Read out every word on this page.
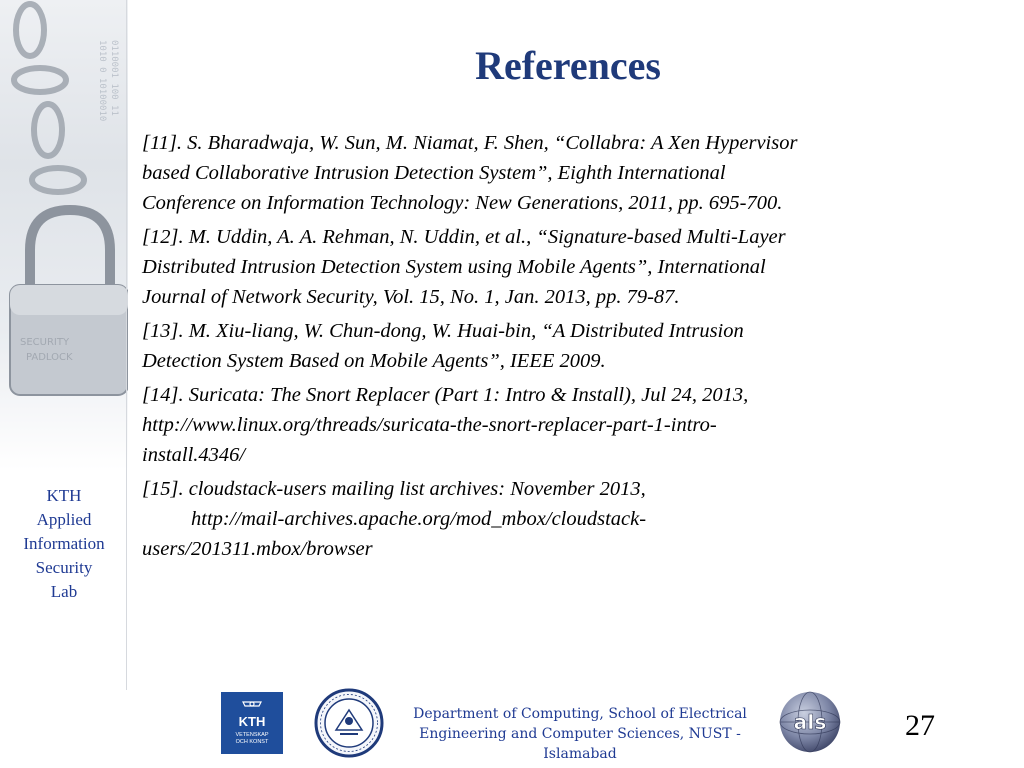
1010 0 10100010 0110001 100 11
SECURITY
PADLOCK
KTH
Applied
Information
Security
Lab
References
[11]. S. Bharadwaja, W. Sun, M. Niamat, F. Shen, “Collabra: A Xen Hypervisor
based Collaborative Intrusion Detection System”, Eighth International
Conference on Information Technology: New Generations, 2011, pp. 695-700.
[12]. M. Uddin, A. A. Rehman, N. Uddin, et al., “Signature-based Multi-Layer
Distributed Intrusion Detection System using Mobile Agents”, International
Journal of Network Security, Vol. 15, No. 1, Jan. 2013, pp. 79-87.
[13]. M. Xiu-liang, W. Chun-dong, W. Huai-bin, “A Distributed Intrusion
Detection System Based on Mobile Agents”, IEEE 2009.
[14]. Suricata: The Snort Replacer (Part 1: Intro & Install), Jul 24, 2013,
http://www.linux.org/threads/suricata-the-snort-replacer-part-1-intro-
install.4346/
[15]. cloudstack-users mailing list archives: November 2013,
http://mail-archives.apache.org/mod_mbox/cloudstack-
users/201311.mbox/browser
KTH
VETENSKAP
OCH KONST
aIs
Department of Computing, School of Electrical
Engineering and Computer Sciences, NUST -
Islamabad
27
